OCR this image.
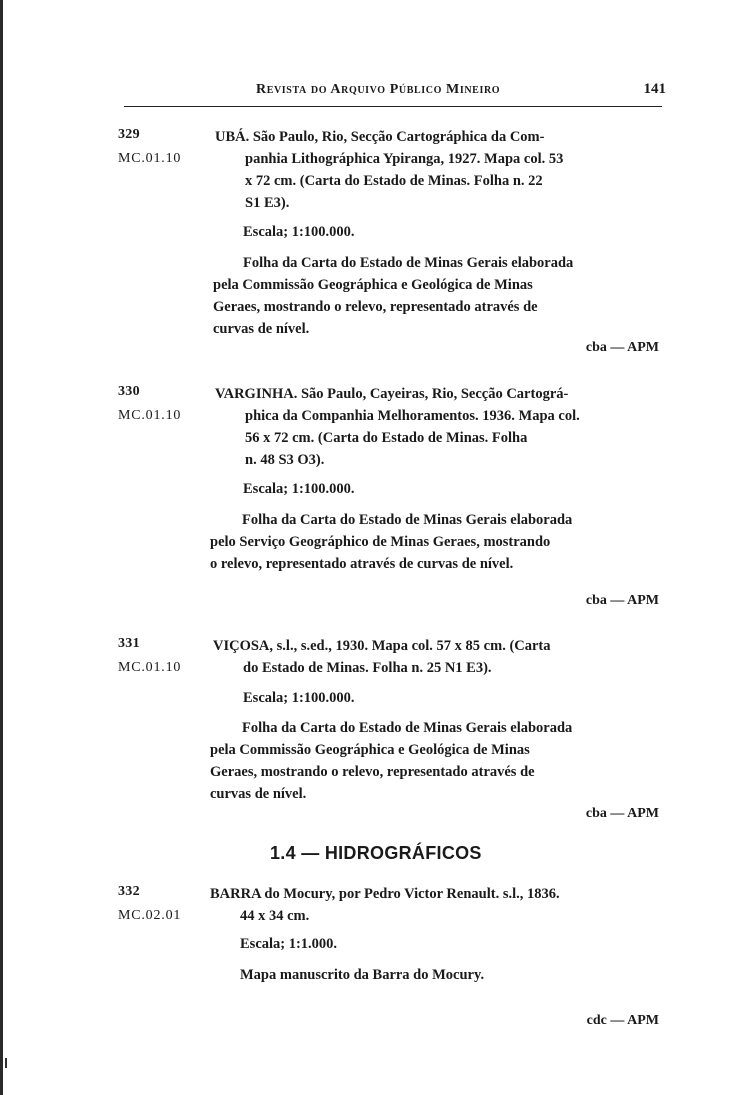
Revista do Arquivo Público Mineiro	141
329
MC.01.10
UBÁ. São Paulo, Rio, Secção Cartográphica da Com-
panhia Lithográphica Ypiranga, 1927. Mapa col. 53
x 72 cm. (Carta do Estado de Minas. Folha n. 22
S1 E3).
Escala; 1:100.000.
Folha da Carta do Estado de Minas Gerais elaborada
pela Commissão Geográphica e Geológica de Minas
Geraes, mostrando o relevo, representado através de
curvas de nível.
cba — APM
330
MC.01.10
VARGINHA. São Paulo, Cayeiras, Rio, Secção Cartográ-
phica da Companhia Melhoramentos. 1936. Mapa col.
56 x 72 cm. (Carta do Estado de Minas. Folha
n. 48 S3 O3).
Escala; 1:100.000.
Folha da Carta do Estado de Minas Gerais elaborada
pelo Serviço Geográphico de Minas Geraes, mostrando
o relevo, representado através de curvas de nível.
cba — APM
331
MC.01.10
VIÇOSA, s.l., s.ed., 1930. Mapa col. 57 x 85 cm. (Carta
do Estado de Minas. Folha n. 25 N1 E3).
Escala; 1:100.000.
Folha da Carta do Estado de Minas Gerais elaborada
pela Commissão Geográphica e Geológica de Minas
Geraes, mostrando o relevo, representado através de
curvas de nível.
cba — APM
1.4 — HIDROGRÁFICOS
332
MC.02.01
BARRA do Mocury, por Pedro Victor Renault. s.l., 1836.
44 x 34 cm.
Escala; 1:1.000.
Mapa manuscrito da Barra do Mocury.
cdc — APM
